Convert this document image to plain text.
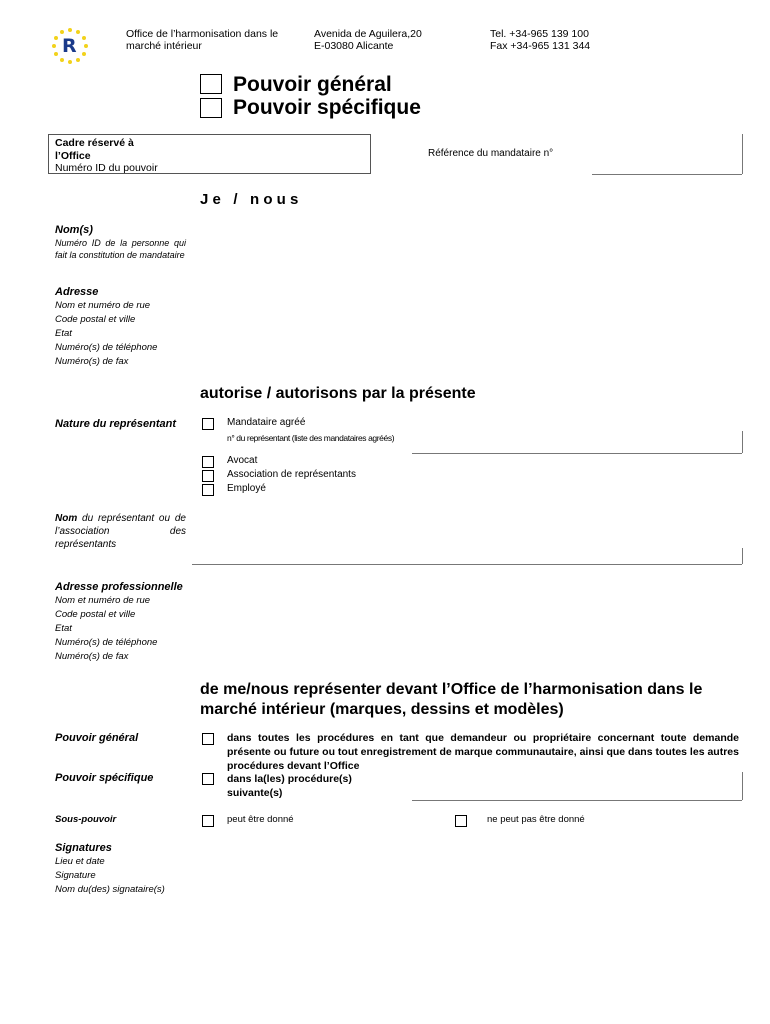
R
Office de l’harmonisation dans le
marché intérieur
Avenida de Aguilera,20
E-03080 Alicante
Tel. +34-965 139 100
Fax +34-965 131 344
Pouvoir général
Pouvoir spécifique
Cadre réservé à
l’Office
Numéro ID du pouvoir
Référence du mandataire n°
J e   /   n o u s
Nom(s)
Numéro ID de la personne qui fait la constitution de mandataire
Adresse
Nom et numéro de rue
Code postal et ville
Etat
Numéro(s) de téléphone
Numéro(s) de fax
autorise / autorisons par la présente
Nature du représentant	Mandataire agréé
n° du représentant (liste des mandataires agréés)
Avocat
Association de représentants
Employé
Nom du représentant ou de l’association des représentants
Adresse professionnelle
Nom et numéro de rue
Code postal et ville
Etat
Numéro(s) de téléphone
Numéro(s) de fax
de me/nous représenter devant l’Office de l’harmonisation dans le marché intérieur (marques, dessins et modèles)
Pouvoir général	dans toutes les procédures en tant que demandeur ou propriétaire concernant toute demande présente ou future ou tout enregistrement de marque communautaire, ainsi que dans toutes les autres procédures devant l’Office
Pouvoir spécifique	dans la(les) procédure(s) suivante(s)
Sous-pouvoir	peut être donné	ne peut pas être donné
Signatures
Lieu et date
Signature
Nom du(des) signataire(s)
